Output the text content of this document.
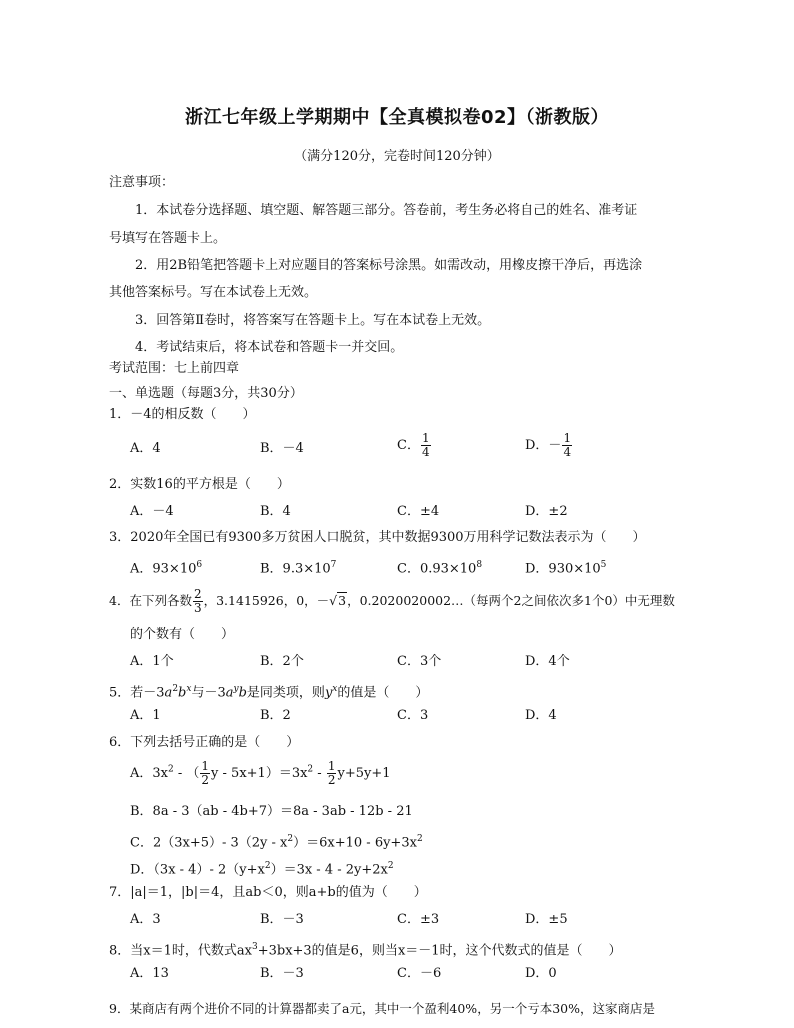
浙江七年级上学期期中【全真模拟卷02】（浙教版）
（满分120分，完卷时间120分钟）
注意事项：
1．本试卷分选择题、填空题、解答题三部分。答卷前，考生务必将自己的姓名、准考证
号填写在答题卡上。
2．用2B铅笔把答题卡上对应题目的答案标号涂黑。如需改动，用橡皮擦干净后，再选涂
其他答案标号。写在本试卷上无效。
3．回答第Ⅱ卷时，将答案写在答题卡上。写在本试卷上无效。
4．考试结束后，将本试卷和答题卡一并交回。
考试范围：七上前四章
一、单选题（每题3分，共30分）
1．－4的相反数（　　）
A．4	B．－4	C． $\frac{1}{4}$	D．－ $\frac{1}{4}$
2．实数16的平方根是（　　）
A．－4	B．4	C．±4	D．±2
3．2020年全国已有9300多万贫困人口脱贫，其中数据9300万用科学记数法表示为（　　）
A．$93\times 10^6$	B．$9.3\times 10^7$	C．$0.93\times 10^8$	D．$930\times 10^5$
4．在下列各数 $\frac{2}{3}$ ，3.1415926，0，－√3，0.2020020002…（每两个2之间依次多1个0）中无理数
的个数有（　　）
A．1个	B．2个	C．3个	D．4个
5．若$-3a^2b^x$与$-3a^yb$是同类项，则$y^x$的值是（　　）
A．1	B．2	C．3	D．4
6．下列去括号正确的是（　　）
A．$3x^2$ - （ $\frac{1}{2}$ $y - 5x+1)=3x^2 - \frac{1}{2} y+5y+1$
B．8a - 3（ab - 4b+7）＝8a - 3ab - 12b - 21
C．2（3x+5）- $3(2y - x^2)=6x+10 - 6y+3x^2$
D．（3x - 4）- $2(y+x^2)=3x - 4 - 2y+2x^2$
7．|a|＝1，|b|＝4，且ab＜0，则a+b的值为（　　）
A．3	B．－3	C．±3	D．±5
8．当x＝1时，代数式$ax^3+3bx+3$的值是6，则当x＝－1时，这个代数式的值是（　　）
A．13	B．－3	C．－6	D．0
9．某商店有两个进价不同的计算器都卖了a元，其中一个盈利40%，另一个亏本30%，这家商店是
